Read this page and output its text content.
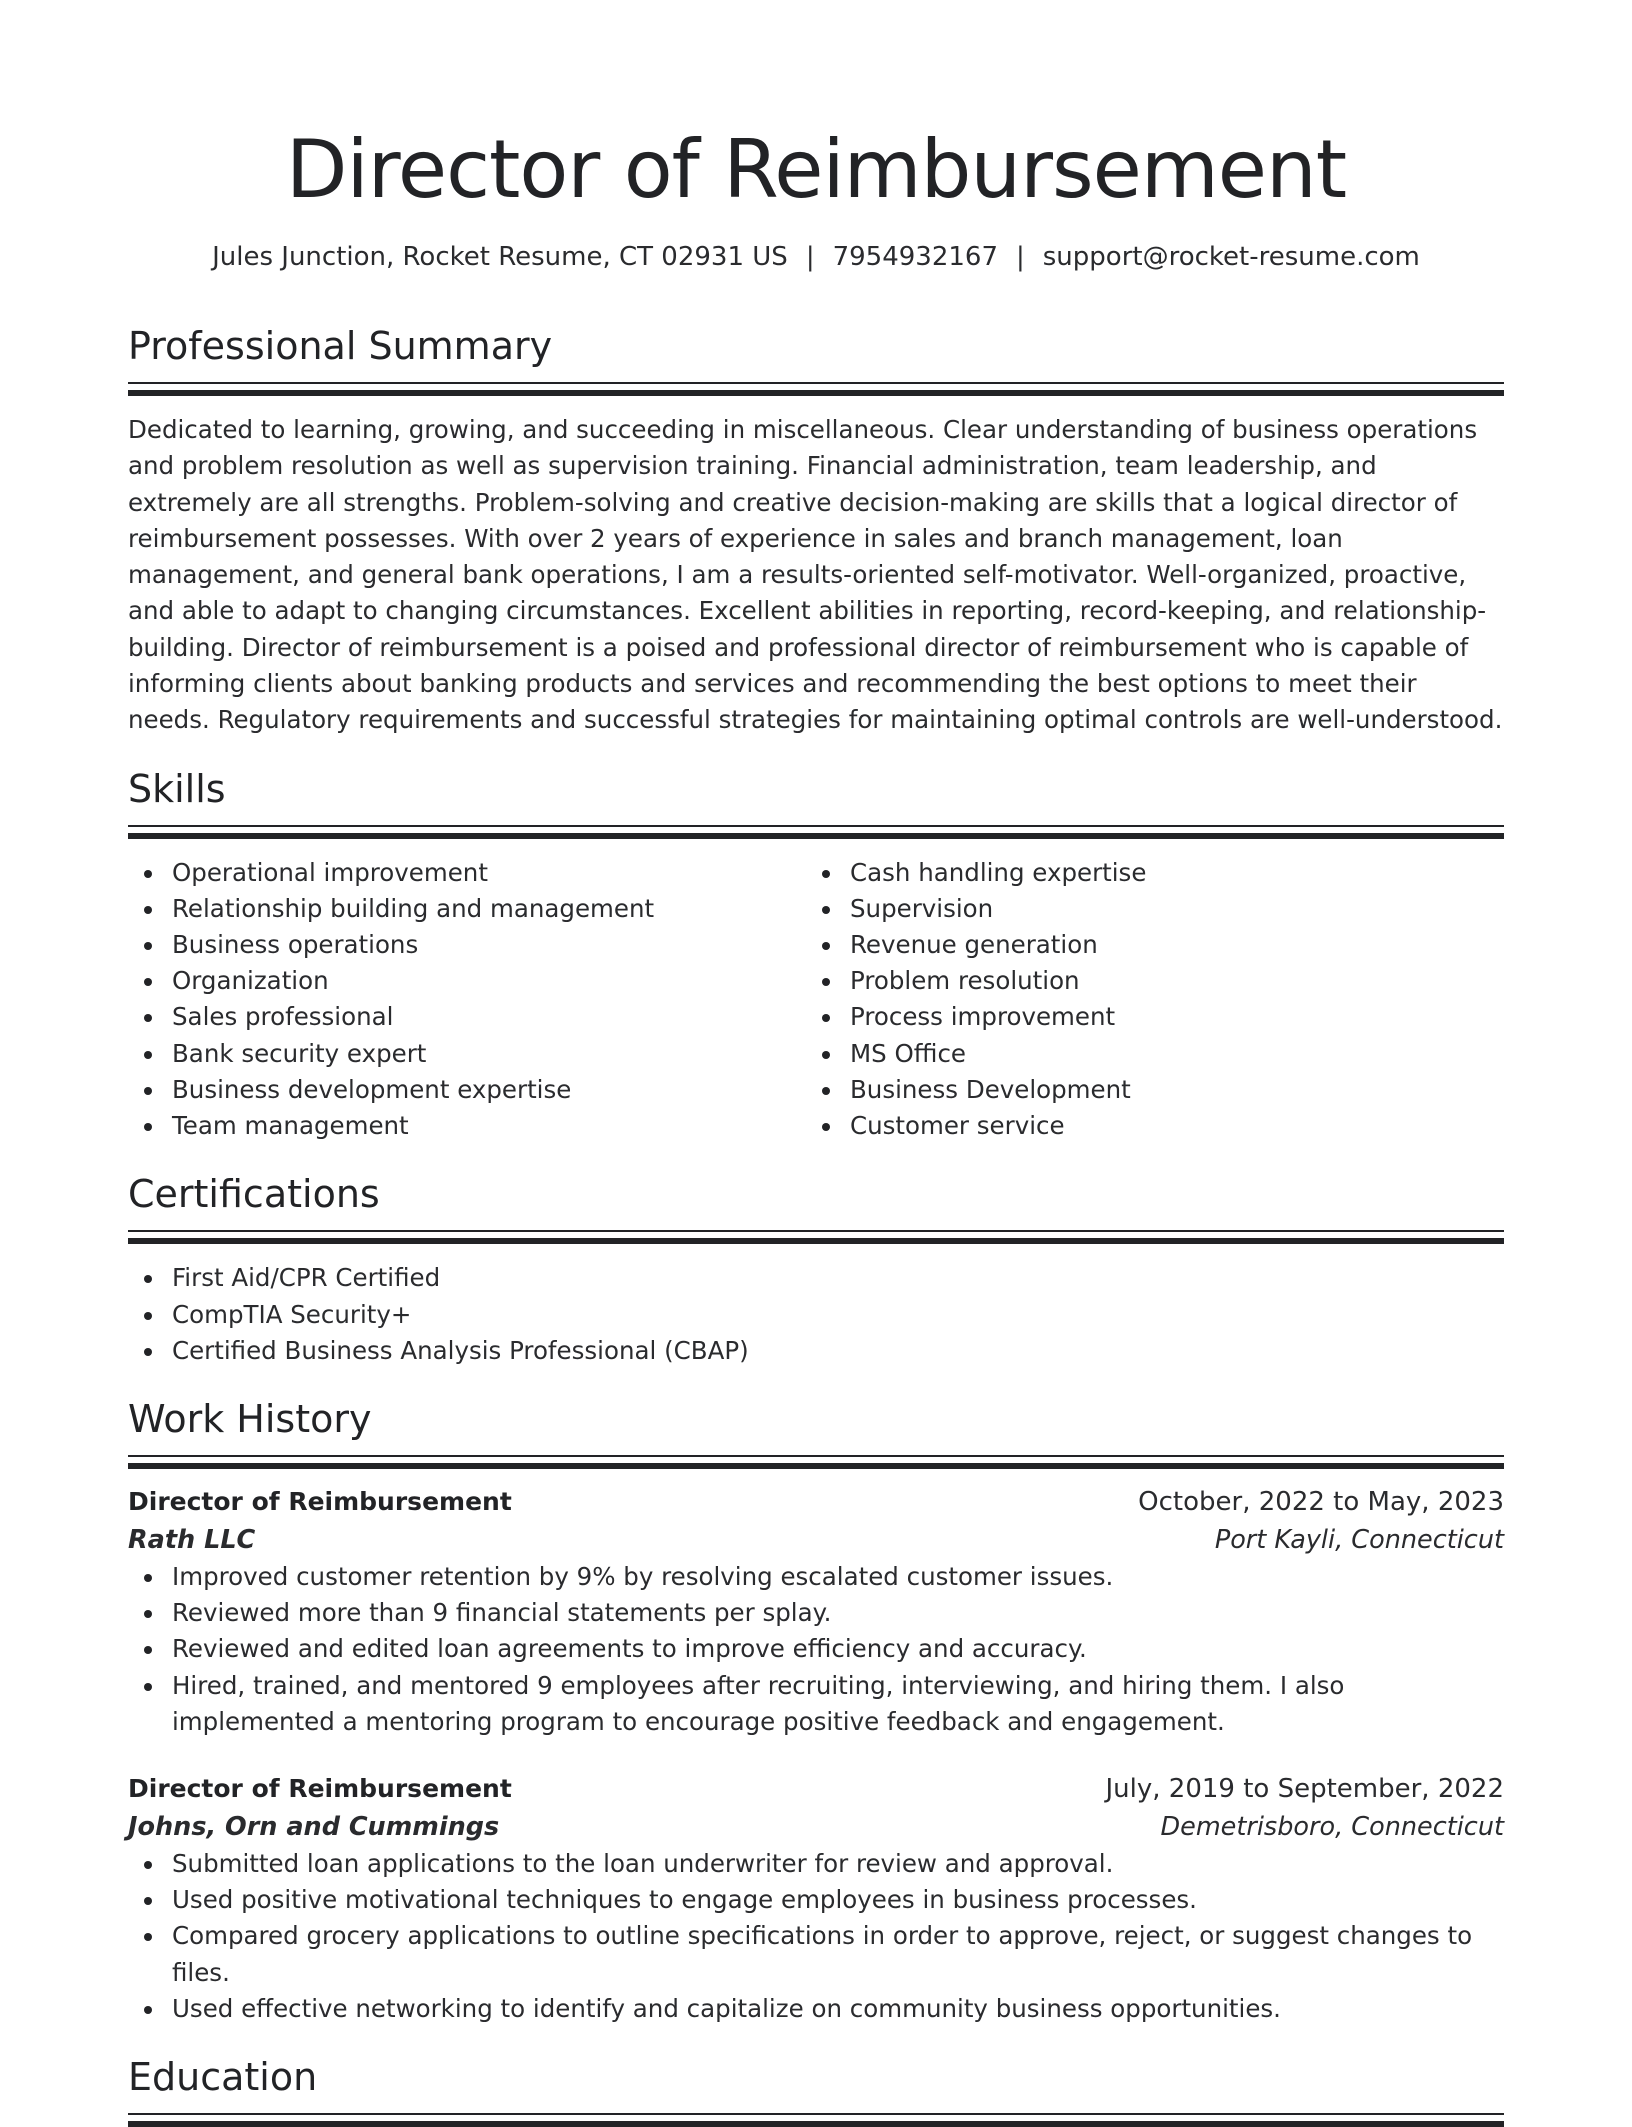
Director of Reimbursement
Jules Junction, Rocket Resume, CT 02931 US | 7954932167 | support@rocket-resume.com
Professional Summary

Dedicated to learning, growing, and succeeding in miscellaneous. Clear understanding of business operations and problem resolution as well as supervision training. Financial administration, team leadership, and extremely are all strengths. Problem-solving and creative decision-making are skills that a logical director of reimbursement possesses. With over 2 years of experience in sales and branch management, loan management, and general bank operations, I am a results-oriented self-motivator. Well-organized, proactive, and able to adapt to changing circumstances. Excellent abilities in reporting, record-keeping, and relationship-building. Director of reimbursement is a poised and professional director of reimbursement who is capable of informing clients about banking products and services and recommending the best options to meet their needs. Regulatory requirements and successful strategies for maintaining optimal controls are well-understood.

Skills
Operational improvement
Relationship building and management
Business operations
Organization
Sales professional
Bank security expert
Business development expertise
Team management
Cash handling expertise
Supervision
Revenue generation
Problem resolution
Process improvement
MS Office
Business Development
Customer service
Certifications
First Aid/CPR Certified
CompTIA Security+
Certified Business Analysis Professional (CBAP)
Work History
Director of Reimbursement	October, 2022 to May, 2023
Rath LLC	Port Kayli, Connecticut
Improved customer retention by 9% by resolving escalated customer issues.
Reviewed more than 9 financial statements per splay.
Reviewed and edited loan agreements to improve efficiency and accuracy.
Hired, trained, and mentored 9 employees after recruiting, interviewing, and hiring them. I also implemented a mentoring program to encourage positive feedback and engagement.
Director of Reimbursement	July, 2019 to September, 2022
Johns, Orn and Cummings	Demetrisboro, Connecticut
Submitted loan applications to the loan underwriter for review and approval.
Used positive motivational techniques to engage employees in business processes.
Compared grocery applications to outline specifications in order to approve, reject, or suggest changes to files.
Used effective networking to identify and capitalize on community business opportunities.
Education
